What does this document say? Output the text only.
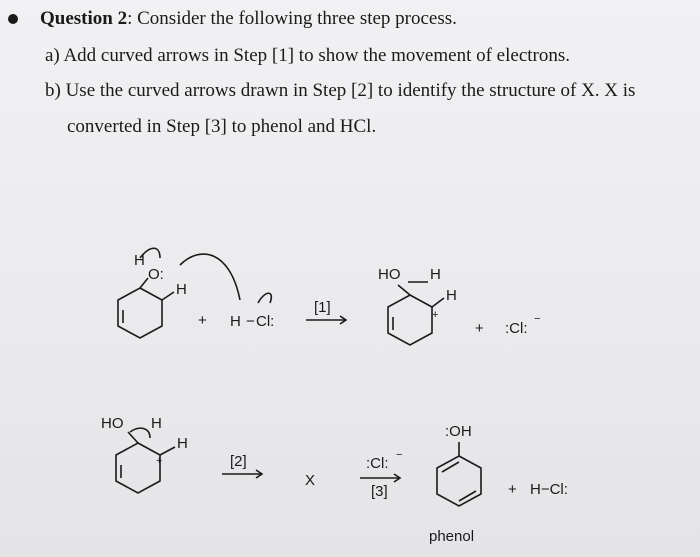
Question 2: Consider the following three step process.
a) Add curved arrows in Step [1] to show the movement of electrons.
b) Use the curved arrows drawn in Step [2] to identify the structure of X. X is
converted in Step [3] to phenol and HCl.
H
O:
H
+ H − Cl:
[1]
HO H
H
+
+ :Cl:
−
HO H
H
+	[2]
X
:Cl: −
[3]
:OH
phenol
+ H−Cl:
